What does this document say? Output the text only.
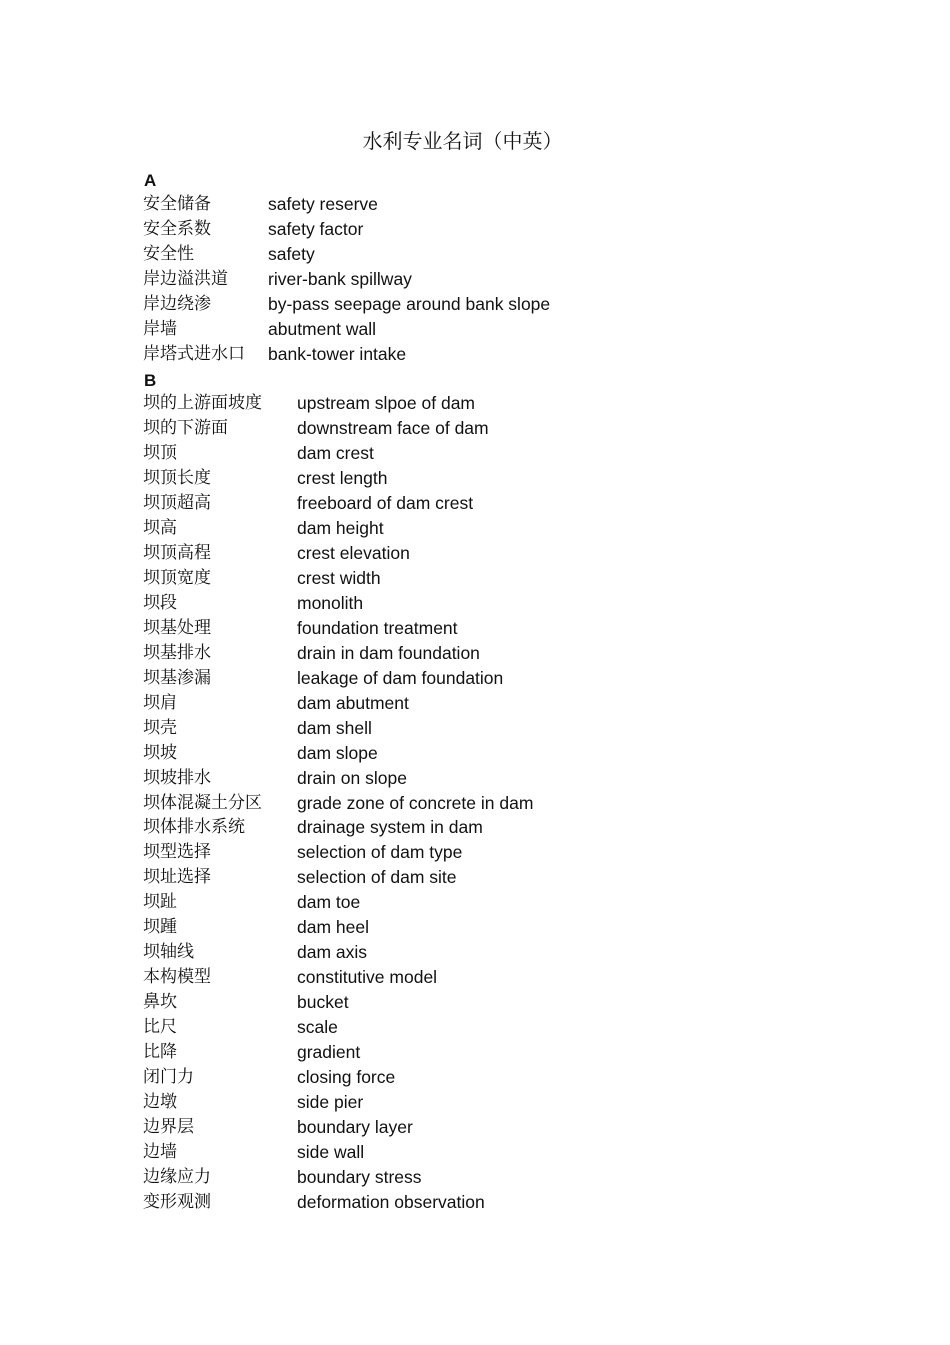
水利专业名词（中英）
A
安全储备	safety reserve
安全系数	safety factor
安全性	safety
岸边溢洪道 river-bank spillway
岸边绕渗	by-pass seepage around bank slope
岸墙	abutment wall
岸塔式进水口 bank-tower intake
B
坝的上游面坡度 upstream slpoe of dam
坝的下游面	downstream face of dam
坝顶	dam crest
坝顶长度	crest length
坝顶超高	freeboard of dam crest
坝高	dam height
坝顶高程	crest elevation
坝顶宽度	crest width
坝段	monolith
坝基处理	foundation treatment
坝基排水	drain in dam foundation
坝基渗漏	leakage of dam foundation
坝肩	dam abutment
坝壳	dam shell
坝坡	dam slope
坝坡排水	drain on slope
坝体混凝土分区 grade zone of concrete in dam
坝体排水系统	drainage system in dam
坝型选择	selection of dam type
坝址选择	selection of dam site
坝趾	dam toe
坝踵	dam heel
坝轴线	dam axis
本构模型	constitutive model
鼻坎	bucket
比尺	scale
比降	gradient
闭门力	closing force
边墩	side pier
边界层	boundary layer
边墙	side wall
边缘应力	boundary stress
变形观测	deformation observation
